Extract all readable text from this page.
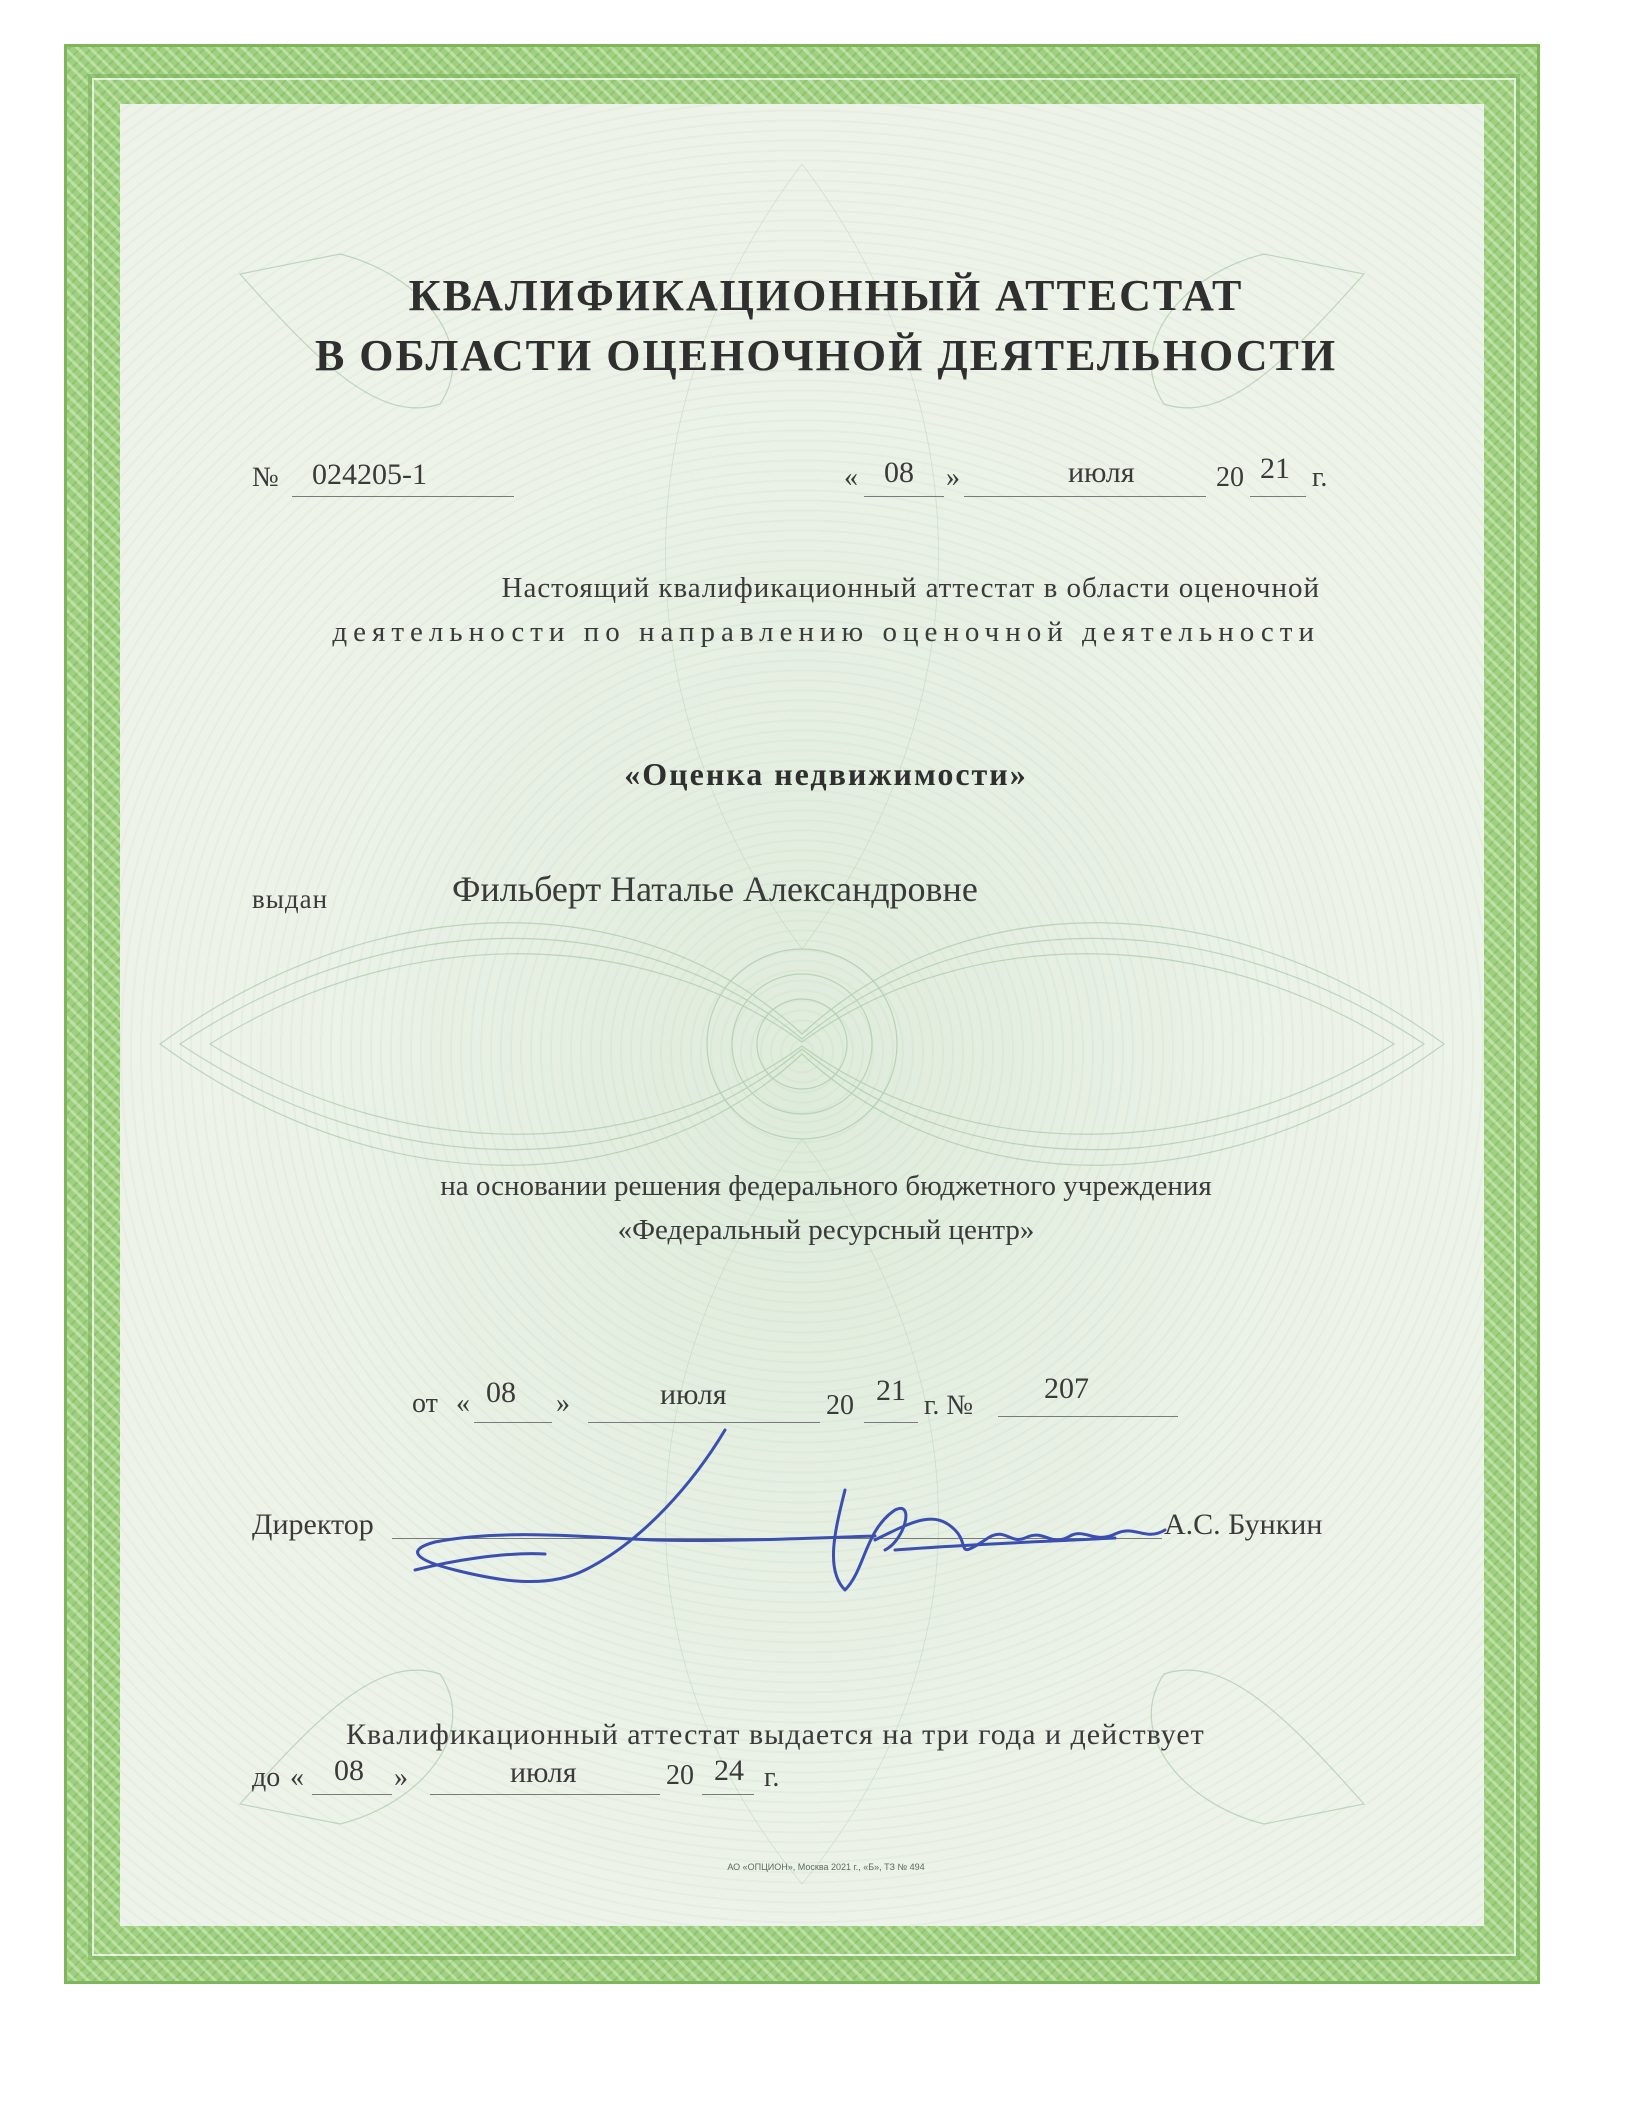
КВАЛИФИКАЦИОННЫЙ АТТЕСТАТ
В ОБЛАСТИ ОЦЕНОЧНОЙ ДЕЯТЕЛЬНОСТИ
№ 024205-1	« 08 »	июля	20 21 г.
Настоящий квалификационный аттестат в области оценочной
деятельности по направлению оценочной деятельности
«Оценка недвижимости»
выдан	Фильберт Наталье Александровне
на основании решения федерального бюджетного учреждения
«Федеральный ресурсный центр»
от « 08 »	июля	20 21 г. №
207
Директор	А.С. Бункин
Квалификационный аттестат выдается на три года и действует
до « 08 »	июля	20 24 г.
АО «ОПЦИОН», Москва 2021 г., «Б», ТЗ № 494
